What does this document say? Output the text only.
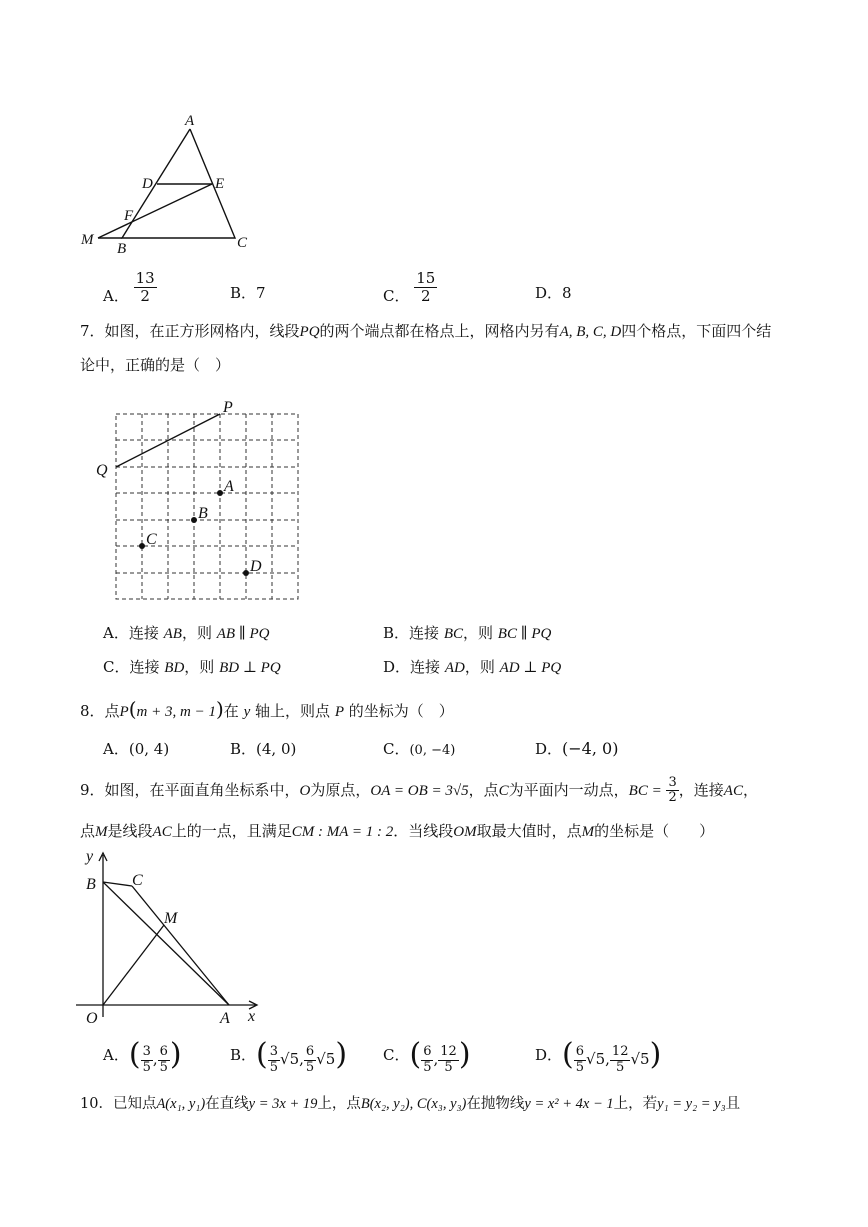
A
D	E
F
M
B	C
A． $\frac{13}{2}$	B．7	C． $\frac{15}{2}$	D．8
7．如图，在正方形网格内，线段PQ的两个端点都在格点上，网格内另有A, B, C, D四个格点，下面四个结
论中，正确的是（　）
P
Q
A
B
C
D
A．连接 AB，则 AB ∥ PQ	B．连接 BC，则 BC ∥ PQ
C．连接 BD，则 BD ⊥ PQ	D．连接 AD，则 AD ⊥ PQ
8．点P(m + 3, m − 1)在 y 轴上，则点 P 的坐标为（　）
A．(0, 4)	B．(4, 0)	C．(0, −4)	D．(−4, 0)
9．如图，在平面直角坐标系中，O为原点，OA = OB = 3√5，点C为平面内一动点，BC = $\frac{3}{2}$ ，连接AC，
点M是线段AC上的一点，且满足CM : MA = 1 : 2．当线段OM取最大值时，点M的坐标是（　　）
y
B C
M
O	A x
A．( $\frac{3}{5}$ , $\frac{6}{5}$ )	B．( $\frac{3}{5} √5$, $\frac{6}{5} √5$) C．( $\frac{6}{5}$ , $\frac{12}{5}$ )	D．( $\frac{6}{5} √5$, $\frac{12}{5} √5$)
10．已知点A(x₁, y₁)在直线y = 3x + 19上，点B(x₂, y₂), C(x₃, y₃)在抛物线y = x² + 4x − 1上，若y₁ = y₂ = y₃且
